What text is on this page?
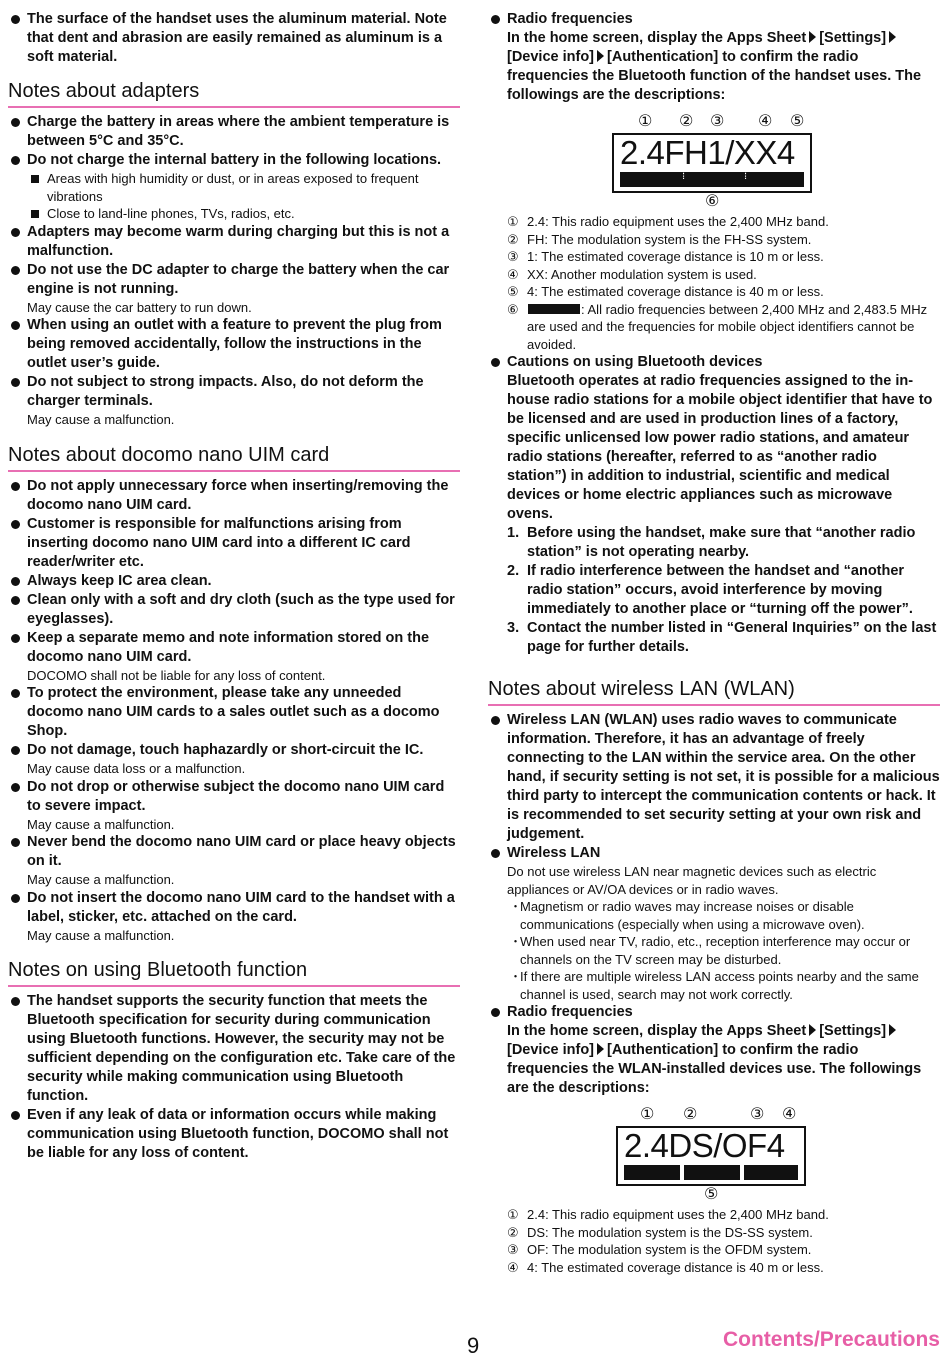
The surface of the handset uses the aluminum material. Note that dent and abrasion are easily remained as aluminum is a soft material.
Notes about adapters
Charge the battery in areas where the ambient temperature is between 5°C and 35°C.
Do not charge the internal battery in the following locations.
Areas with high humidity or dust, or in areas exposed to frequent vibrations
Close to land-line phones, TVs, radios, etc.
Adapters may become warm during charging but this is not a malfunction.
Do not use the DC adapter to charge the battery when the car engine is not running.
May cause the car battery to run down.
When using an outlet with a feature to prevent the plug from being removed accidentally, follow the instructions in the outlet user’s guide.
Do not subject to strong impacts. Also, do not deform the charger terminals.
May cause a malfunction.
Notes about docomo nano UIM card
Do not apply unnecessary force when inserting/removing the docomo nano UIM card.
Customer is responsible for malfunctions arising from inserting docomo nano UIM card into a different IC card reader/writer etc.
Always keep IC area clean.
Clean only with a soft and dry cloth (such as the type used for eyeglasses).
Keep a separate memo and note information stored on the docomo nano UIM card.
DOCOMO shall not be liable for any loss of content.
To protect the environment, please take any unneeded docomo nano UIM cards to a sales outlet such as a docomo Shop.
Do not damage, touch haphazardly or short-circuit the IC.
May cause data loss or a malfunction.
Do not drop or otherwise subject the docomo nano UIM card to severe impact.
May cause a malfunction.
Never bend the docomo nano UIM card or place heavy objects on it.
May cause a malfunction.
Do not insert the docomo nano UIM card to the handset with a label, sticker, etc. attached on the card.
May cause a malfunction.
Notes on using Bluetooth function
The handset supports the security function that meets the Bluetooth specification for security during communication using Bluetooth functions. However, the security may not be sufficient depending on the configuration etc. Take care of the security while making communication using Bluetooth function.
Even if any leak of data or information occurs while making communication using Bluetooth function, DOCOMO shall not be liable for any loss of content.
Radio frequencies
In the home screen, display the Apps Sheet [Settings][Device info] [Authentication] to confirm the radio frequencies the Bluetooth function of the handset uses. The followings are the descriptions:
① ② ③ ④ ⑤
2.4FH1/XX4
⁞	⁞
⑥
① 2.4: This radio equipment uses the 2,400 MHz band.
② FH: The modulation system is the FH-SS system.
③ 1: The estimated coverage distance is 10 m or less.
④ XX: Another modulation system is used.
⑤ 4: The estimated coverage distance is 40 m or less.
⑥	: All radio frequencies between 2,400 MHz and 2,483.5 MHz are used and the frequencies for mobile object identifiers cannot be avoided.
Cautions on using Bluetooth devices
Bluetooth operates at radio frequencies assigned to the in-house radio stations for a mobile object identifier that have to be licensed and are used in production lines of a factory, specific unlicensed low power radio stations, and amateur radio stations (hereafter, referred to as “another radio station”) in addition to industrial, scientific and medical devices or home electric appliances such as microwave ovens.
1. Before using the handset, make sure that “another radio station” is not operating nearby.
2. If radio interference between the handset and “another radio station” occurs, avoid interference by moving immediately to another place or “turning off the power”.
3. Contact the number listed in “General Inquiries” on the last page for further details.
Notes about wireless LAN (WLAN)
Wireless LAN (WLAN) uses radio waves to communicate information. Therefore, it has an advantage of freely connecting to the LAN within the service area. On the other hand, if security setting is not set, it is possible for a malicious third party to intercept the communication contents or hack. It is recommended to set security setting at your own risk and judgement.
Wireless LAN
Do not use wireless LAN near magnetic devices such as electric appliances or AV/OA devices or in radio waves.
・
Magnetism or radio waves may increase noises or disable communications (especially when using a microwave oven).
・
When used near TV, radio, etc., reception interference may occur or channels on the TV screen may be disturbed.
・
If there are multiple wireless LAN access points nearby and the same channel is used, search may not work correctly.
Radio frequencies
In the home screen, display the Apps Sheet [Settings][Device info] [Authentication] to confirm the radio frequencies the WLAN-installed devices use. The followings are the descriptions:
① ②	③ ④
2.4DS/OF4
⑤
① 2.4: This radio equipment uses the 2,400 MHz band.
② DS: The modulation system is the DS-SS system.
③ OF: The modulation system is the OFDM system.
④ 4: The estimated coverage distance is 40 m or less.
9	Contents/Precautions
